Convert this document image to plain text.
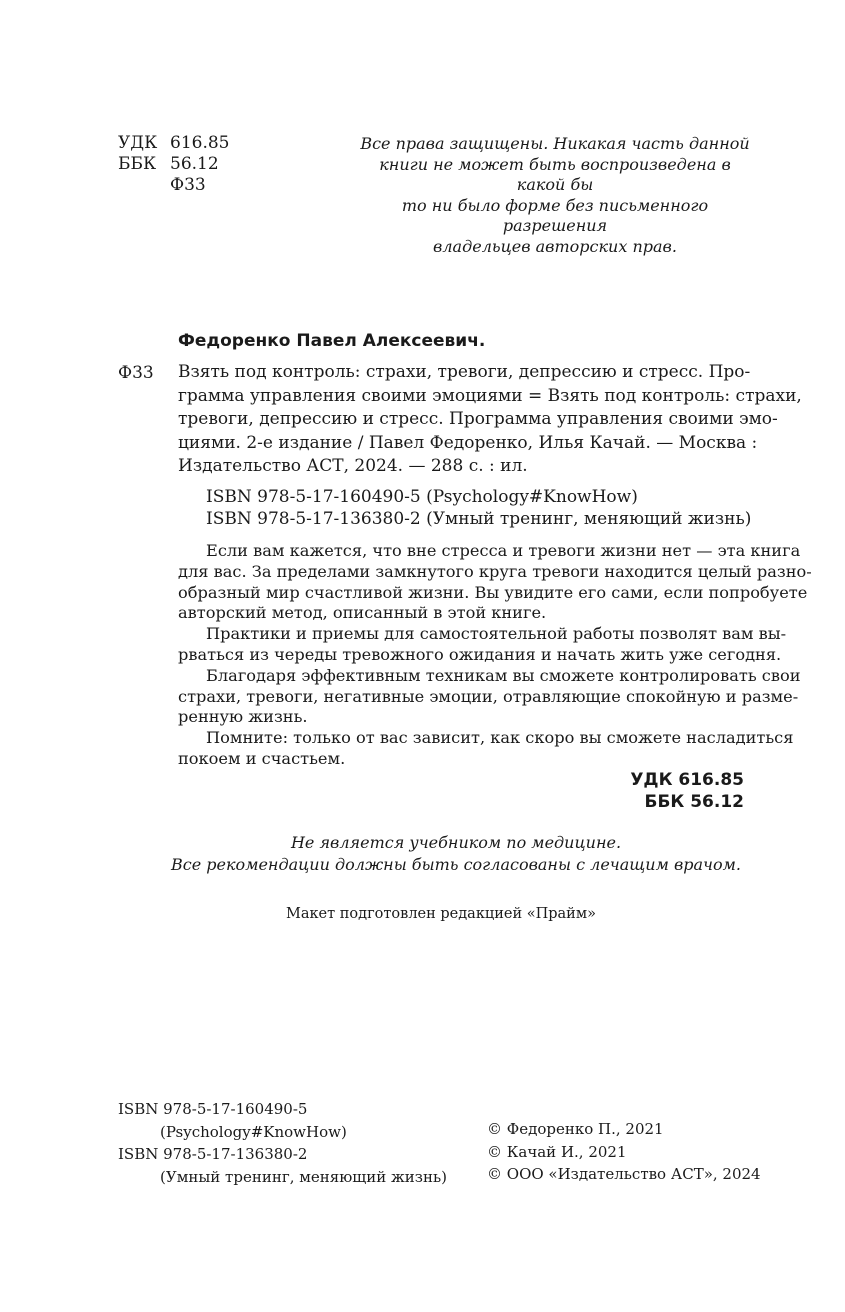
УДК 616.85
ББК 56.12
Ф33
Все права защищены. Никакая часть данной
книги не может быть воспроизведена в какой бы
то ни было форме без письменного разрешения
владельцев авторских прав.
Федоренко Павел Алексеевич.
Ф33 Взять под контроль: страхи, тревоги, депрессию и стресс. Про-
грамма управления своими эмоциями = Взять под контроль: страхи,
тревоги, депрессию и стресс. Программа управления своими эмо-
циями. 2-е издание / Павел Федоренко, Илья Качай. — Москва :
Издательство АСТ, 2024. — 288 с. : ил.
ISBN 978-5-17-160490-5 (Psychology#KnowHow)
ISBN 978-5-17-136380-2 (Умный тренинг, меняющий жизнь)
Если вам кажется, что вне стресса и тревоги жизни нет — эта книга
для вас. За пределами замкнутого круга тревоги находится целый разно-
образный мир счастливой жизни. Вы увидите его сами, если попробуете
авторский метод, описанный в этой книге.
Практики и приемы для самостоятельной работы позволят вам вы-
рваться из череды тревожного ожидания и начать жить уже сегодня.
Благодаря эффективным техникам вы сможете контролировать свои
страхи, тревоги, негативные эмоции, отравляющие спокойную и разме-
ренную жизнь.
Помните: только от вас зависит, как скоро вы сможете насладиться
покоем и счастьем.
УДК 616.85
ББК 56.12
Не является учебником по медицине.
Все рекомендации должны быть согласованы с лечащим врачом.
Макет подготовлен редакцией «Прайм»
ISBN 978-5-17-160490-5
(Psychology#KnowHow)
ISBN 978-5-17-136380-2
(Умный тренинг, меняющий жизнь)
© Федоренко П., 2021
© Качай И., 2021
© ООО «Издательство АСТ», 2024
